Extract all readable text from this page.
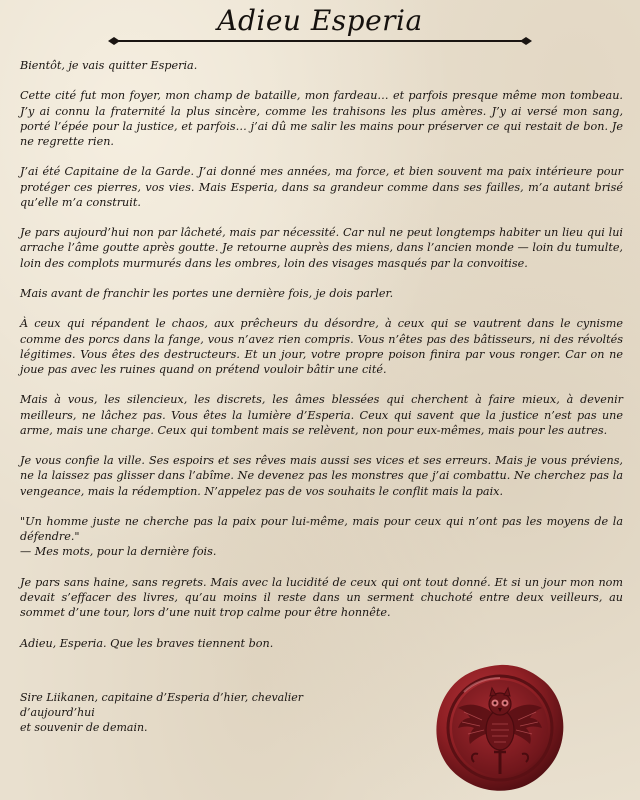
Adieu Esperia

Bientôt, je vais quitter Esperia.

Cette cité fut mon foyer, mon champ de bataille, mon fardeau… et parfois presque même mon tombeau. J’y ai connu la fraternité la plus sincère, comme les trahisons les plus amères. J’y ai versé mon sang, porté l’épée pour la justice, et parfois… j’ai dû me salir les mains pour préserver ce qui restait de bon. Je ne regrette rien.

J’ai été Capitaine de la Garde. J’ai donné mes années, ma force, et bien souvent ma paix intérieure pour protéger ces pierres, vos vies. Mais Esperia, dans sa grandeur comme dans ses failles, m’a autant brisé qu’elle m’a construit.

Je pars aujourd’hui non par lâcheté, mais par nécessité. Car nul ne peut longtemps habiter un lieu qui lui arrache l’âme goutte après goutte. Je retourne auprès des miens, dans l’ancien monde — loin du tumulte, loin des complots murmurés dans les ombres, loin des visages masqués par la convoitise.

Mais avant de franchir les portes une dernière fois, je dois parler.

À ceux qui répandent le chaos, aux prêcheurs du désordre, à ceux qui se vautrent dans le cynisme comme des porcs dans la fange, vous n’avez rien compris. Vous n’êtes pas des bâtisseurs, ni des révoltés légitimes. Vous êtes des destructeurs. Et un jour, votre propre poison finira par vous ronger. Car on ne joue pas avec les ruines quand on prétend vouloir bâtir une cité.

Mais à vous, les silencieux, les discrets, les âmes blessées qui cherchent à faire mieux, à devenir meilleurs, ne lâchez pas. Vous êtes la lumière d’Esperia. Ceux qui savent que la justice n’est pas une arme, mais une charge. Ceux qui tombent mais se relèvent, non pour eux-mêmes, mais pour les autres.

Je vous confie la ville. Ses espoirs et ses rêves mais aussi ses vices et ses erreurs. Mais je vous préviens, ne la laissez pas glisser dans l’abîme. Ne devenez pas les monstres que j’ai combattu. Ne cherchez pas la vengeance, mais la rédemption. N’appelez pas de vos souhaits le conflit mais la paix.

"Un homme juste ne cherche pas la paix pour lui-même, mais pour ceux qui n’ont pas les moyens de la défendre."
— Mes mots, pour la dernière fois.

Je pars sans haine, sans regrets. Mais avec la lucidité de ceux qui ont tout donné. Et si un jour mon nom devait s’effacer des livres, qu’au moins il reste dans un serment chuchoté entre deux veilleurs, au sommet d’une tour, lors d’une nuit trop calme pour être honnête.

Adieu, Esperia. Que les braves tiennent bon.

Sire Liikanen, capitaine d’Esperia d’hier, chevalier d’aujourd’hui
et souvenir de demain.
